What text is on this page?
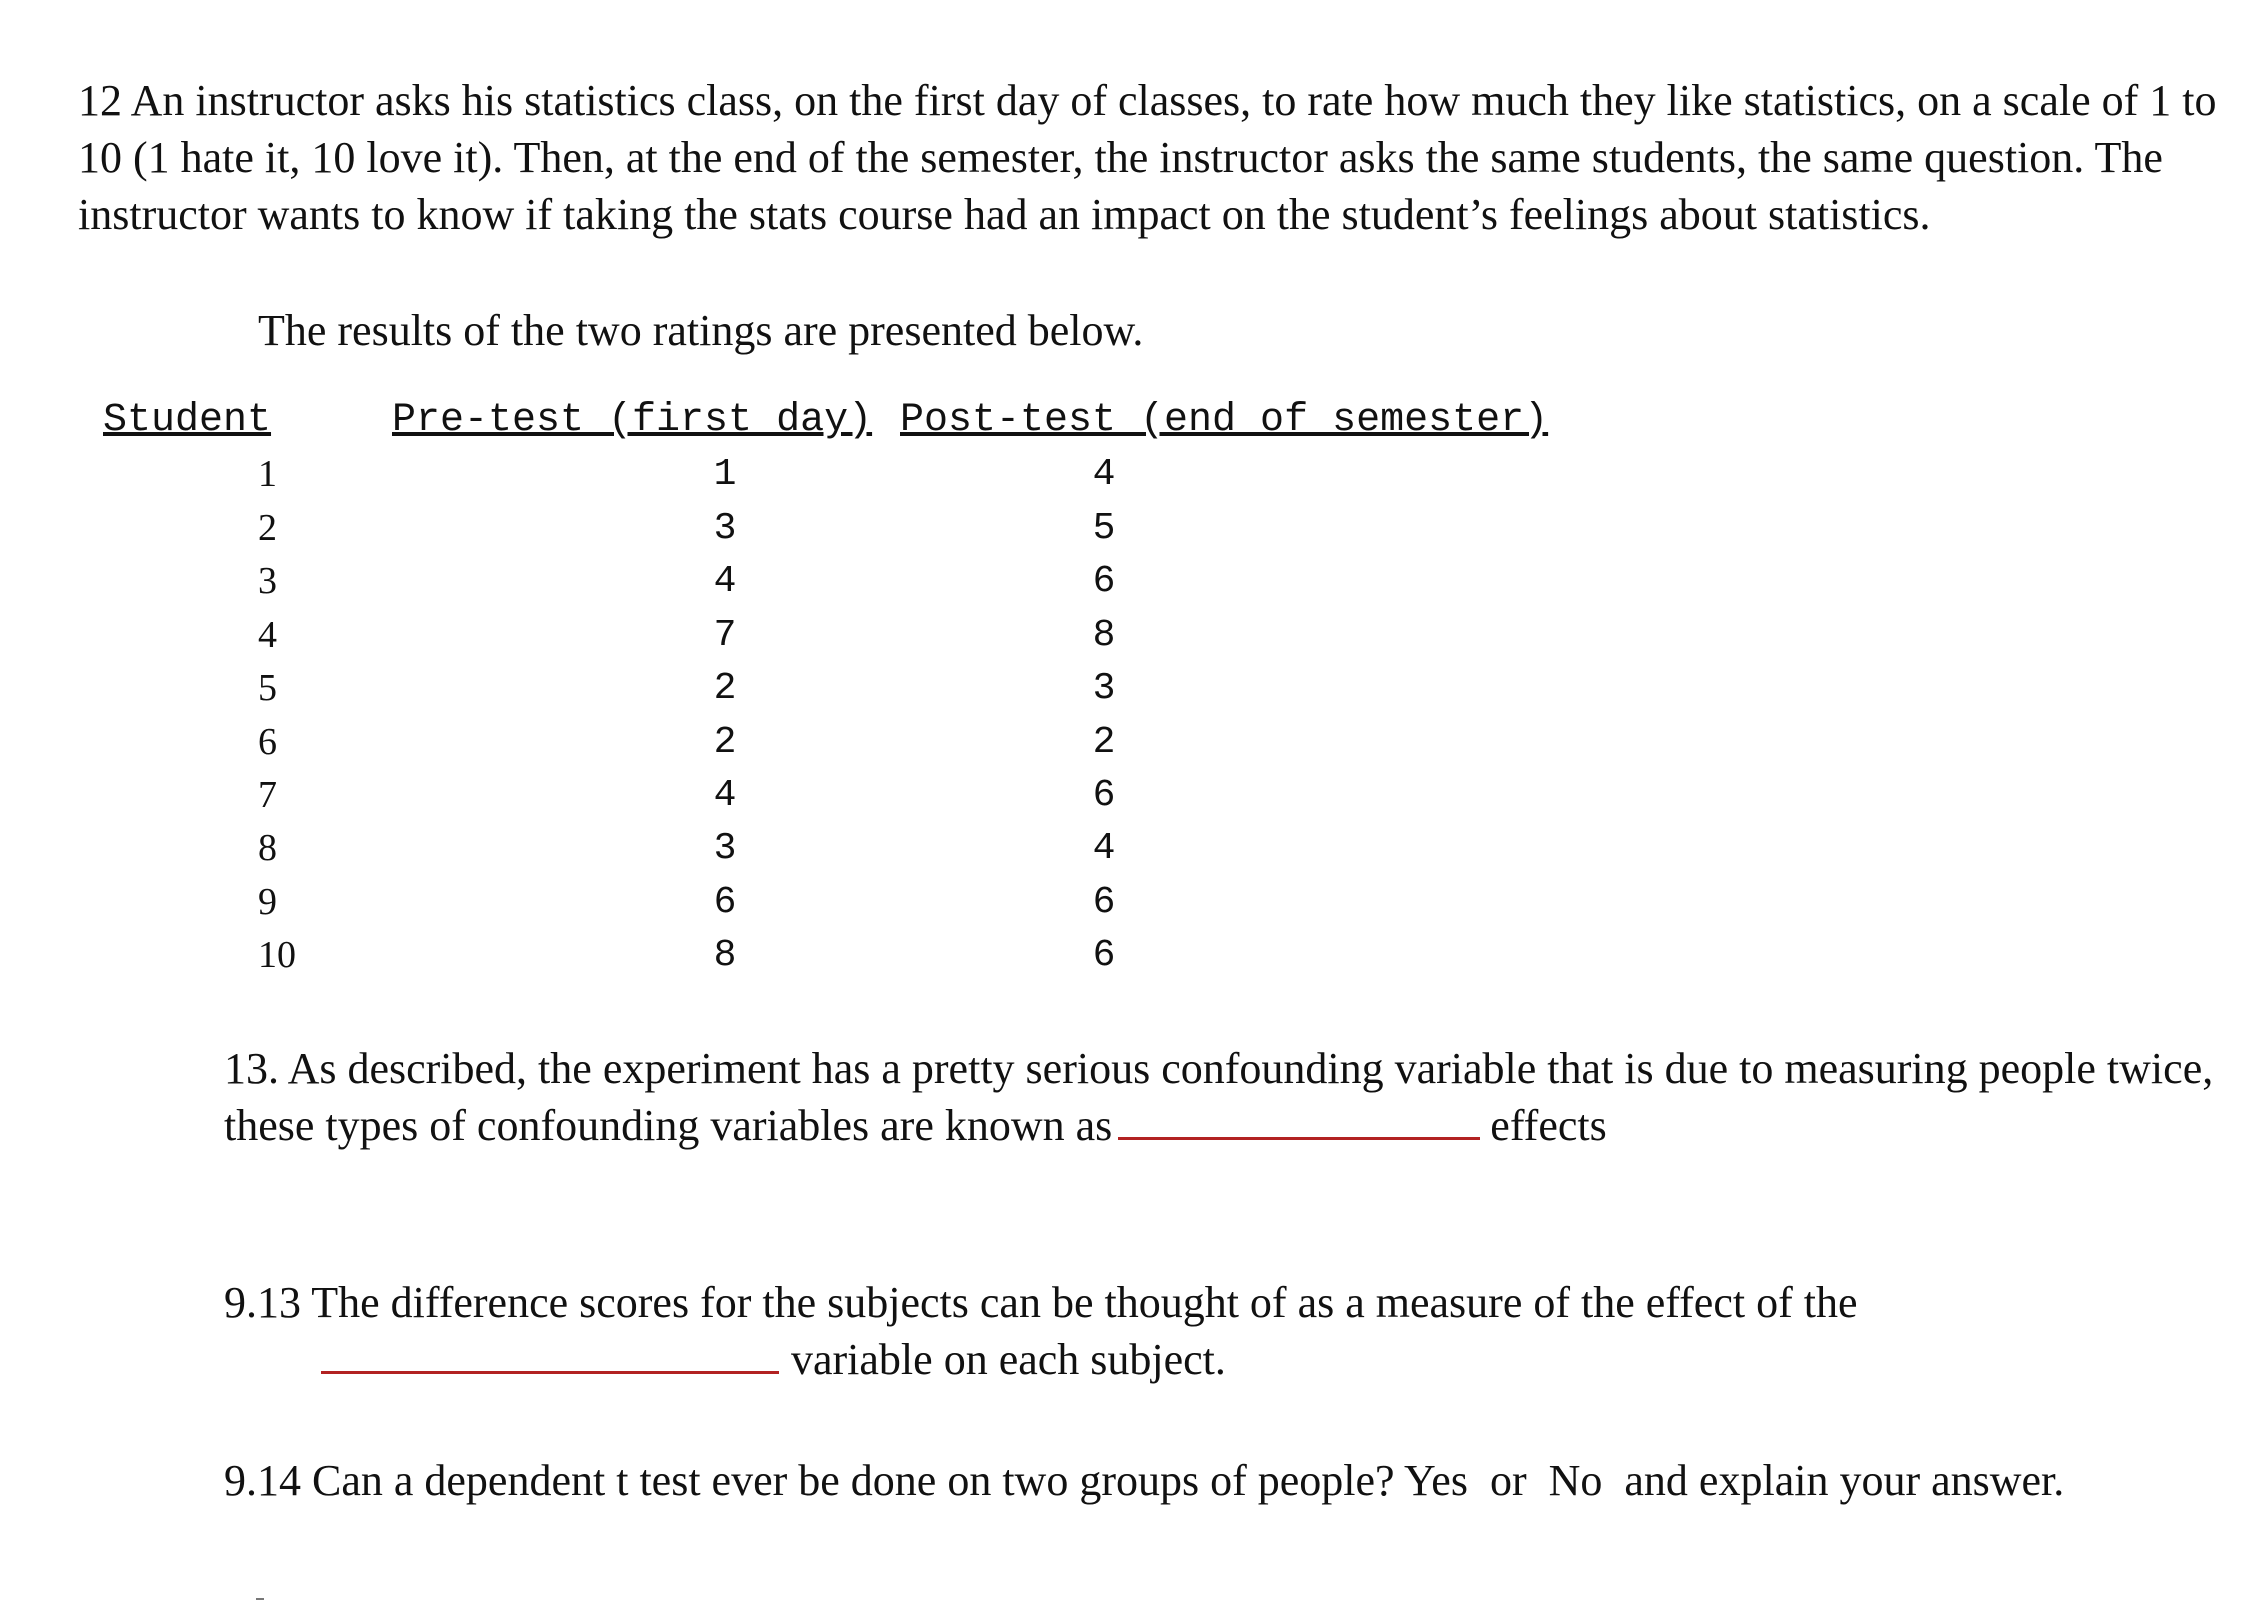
12 An instructor asks his statistics class, on the first day of classes, to rate how much they like statistics, on a scale of 1 to 10 (1 hate it, 10 love it). Then, at the end of the semester, the instructor asks the same students, the same question. The instructor wants to know if taking the stats course had an impact on the student’s feelings about statistics.

The results of the two ratings are presented below.

Student	Pre-test (first day) Post-test (end of semester)
1	1	4
2	3	5
3	4	6
4	7	8
5	2	3
6	2	2
7	4	6
8	3	4
9	6	6
10	8	6

13. As described, the experiment has a pretty serious confounding variable that is due to measuring people twice, these types of confounding variables are known as	effects

9.13 The difference scores for the subjects can be thought of as a measure of the effect of the
variable on each subject.

9.14 Can a dependent t test ever be done on two groups of people? Yes or No and explain your answer.
